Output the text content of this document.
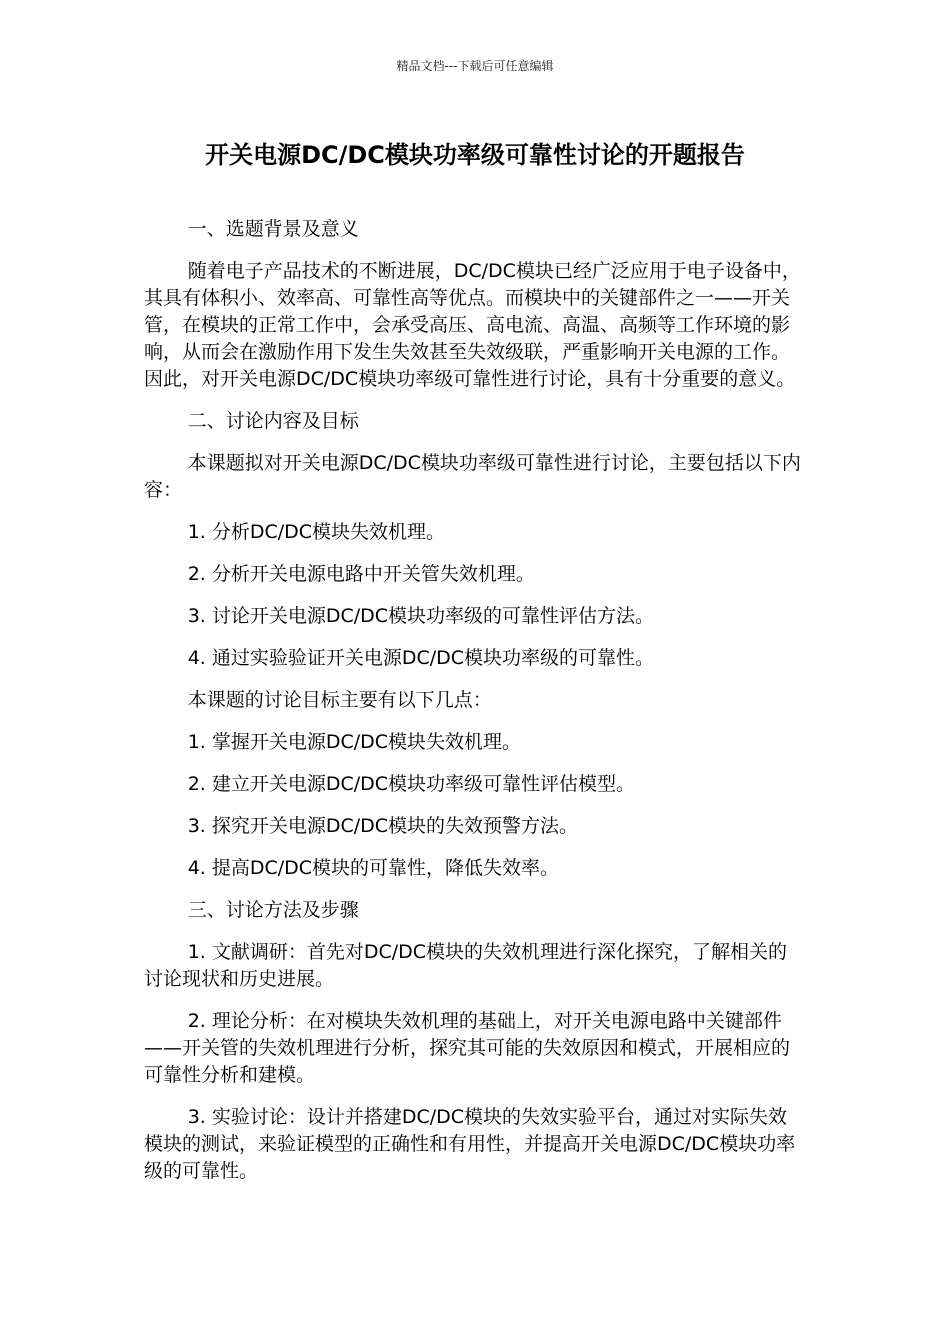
精品文档---下载后可任意编辑
开关电源DC/DC模块功率级可靠性讨论的开题报告

一、选题背景及意义

随着电子产品技术的不断进展，DC/DC模块已经广泛应用于电子设备中，其具有体积小、效率高、可靠性高等优点。而模块中的关键部件之一——开关管，在模块的正常工作中，会承受高压、高电流、高温、高频等工作环境的影响，从而会在激励作用下发生失效甚至失效级联，严重影响开关电源的工作。因此，对开关电源DC/DC模块功率级可靠性进行讨论，具有十分重要的意义。

二、讨论内容及目标

本课题拟对开关电源DC/DC模块功率级可靠性进行讨论，主要包括以下内容：

1. 分析DC/DC模块失效机理。

2. 分析开关电源电路中开关管失效机理。

3. 讨论开关电源DC/DC模块功率级的可靠性评估方法。

4. 通过实验验证开关电源DC/DC模块功率级的可靠性。

本课题的讨论目标主要有以下几点：

1. 掌握开关电源DC/DC模块失效机理。

2. 建立开关电源DC/DC模块功率级可靠性评估模型。

3. 探究开关电源DC/DC模块的失效预警方法。

4. 提高DC/DC模块的可靠性，降低失效率。

三、讨论方法及步骤

1. 文献调研：首先对DC/DC模块的失效机理进行深化探究，了解相关的讨论现状和历史进展。

2. 理论分析：在对模块失效机理的基础上，对开关电源电路中关键部件——开关管的失效机理进行分析，探究其可能的失效原因和模式，开展相应的可靠性分析和建模。

3. 实验讨论：设计并搭建DC/DC模块的失效实验平台，通过对实际失效模块的测试，来验证模型的正确性和有用性，并提高开关电源DC/DC模块功率级的可靠性。
